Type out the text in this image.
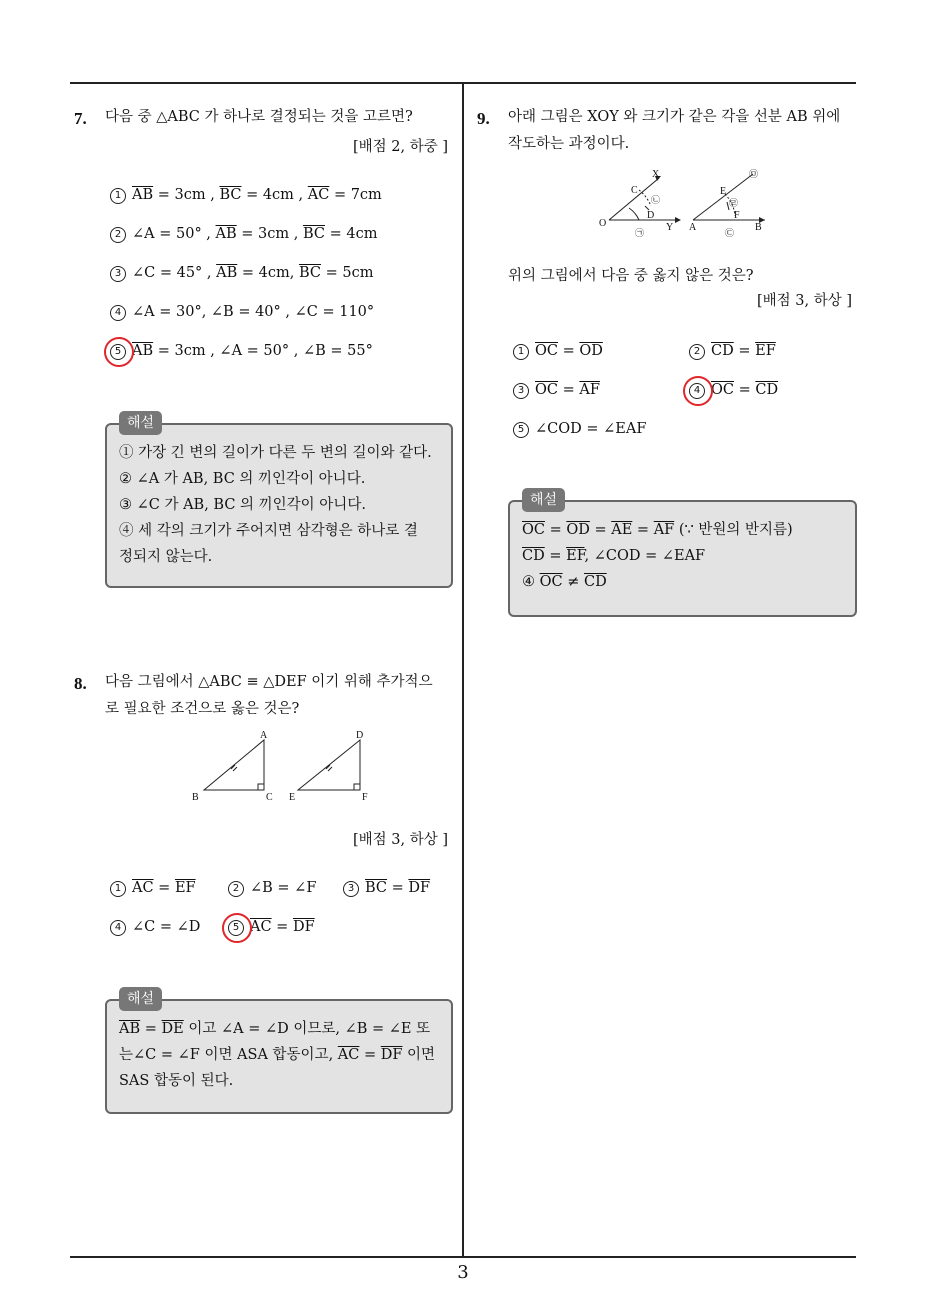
3
7. 다음 중 △ABC 가 하나로 결정되는 것을 고르면?
[배점 2, 하중 ]
1 $\overline{AB} = 3cm$ , $\overline{BC} = 4cm$ , $\overline{AC} = 7cm$
2 ∠A = 50° , $\overline{AB} = 3cm$ , $\overline{BC} = 4cm$
3 ∠C = 45° , $\overline{AB} = 4cm$, $\overline{BC} = 5cm$
4 ∠A = 30°, ∠B = 40° , ∠C = 110°
5 $\overline{AB} = 3cm$ , ∠A = 50° , ∠B = 55°
해설
① 가장 긴 변의 길이가 다른 두 변의 길이와 같다.
② ∠A 가 AB, BC 의 끼인각이 아니다.
③ ∠C 가 AB, BC 의 끼인각이 아니다.
④ 세 각의 크기가 주어지면 삼각형은 하나로 결
정되지 않는다.
8. 다음 그림에서 △ABC ≡ △DEF 이기 위해 추가적으
로 필요한 조건으로 옳은 것은?
A
B	C
D
E	F
[배점 3, 하상 ]
1 $\overline{AC} = \overline{EF}$	2 ∠B = ∠F	3 $\overline{BC} = \overline{DF}$
4 ∠C = ∠D	5 $\overline{AC} = \overline{DF}$
해설
$\overline{AB} = \overline{DE}$ 이고 ∠A = ∠D 이므로, ∠B = ∠E 또
는∠C = ∠F 이면 ASA 합동이고, $\overline{AC} = \overline{DF}$ 이면
SAS 합동이 된다.
9. 아래 그림은 XOY 와 크기가 같은 각을 선분 AB 위에
작도하는 과정이다.
X
C
O
D
Y
㉠
㉡
E
F
A	B
㉢
㉣
㉤
위의 그림에서 다음 중 옳지 않은 것은?
[배점 3, 하상 ]
1 $\overline{OC} = \overline{OD}$	2 $\overline{CD} = \overline{EF}$
3 $\overline{OC} = \overline{AF}$	4 $\overline{OC} = \overline{CD}$
5 ∠COD = ∠EAF
해설
$\overline{OC} = \overline{OD} = \overline{AE} = \overline{AF}$ (∵ 반원의 반지름)
$\overline{CD} = \overline{EF}$, ∠COD = ∠EAF
④ $\overline{OC} \ne \overline{CD}$
